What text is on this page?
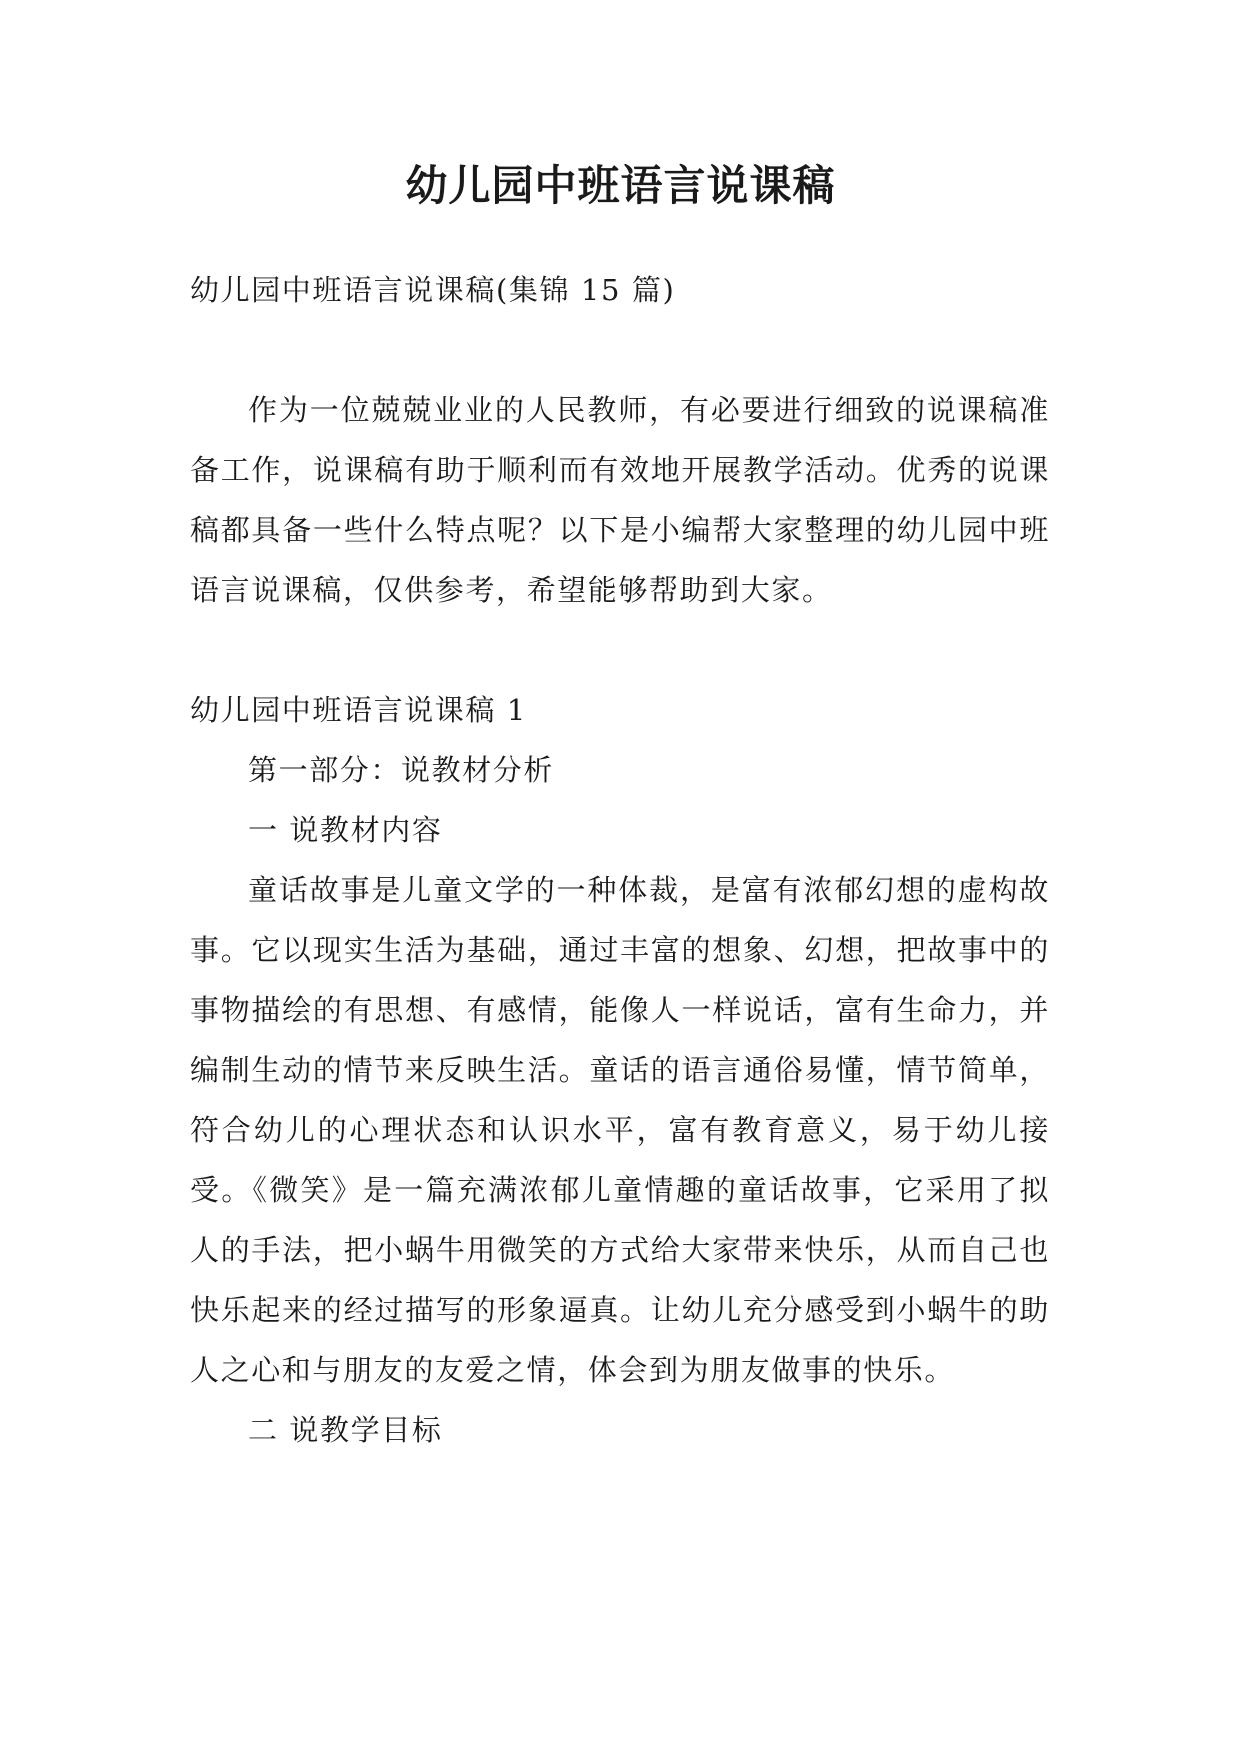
幼儿园中班语言说课稿

幼儿园中班语言说课稿(集锦 15 篇)

作为一位兢兢业业的人民教师，有必要进行细致的说课稿准备工作，说课稿有助于顺利而有效地开展教学活动。优秀的说课稿都具备一些什么特点呢？以下是小编帮大家整理的幼儿园中班语言说课稿，仅供参考，希望能够帮助到大家。

幼儿园中班语言说课稿 1

第一部分：说教材分析

一 说教材内容

童话故事是儿童文学的一种体裁，是富有浓郁幻想的虚构故事。它以现实生活为基础，通过丰富的想象、幻想，把故事中的事物描绘的有思想、有感情，能像人一样说话，富有生命力，并编制生动的情节来反映生活。童话的语言通俗易懂，情节简单，符合幼儿的心理状态和认识水平，富有教育意义，易于幼儿接受。《微笑》是一篇充满浓郁儿童情趣的童话故事，它采用了拟人的手法，把小蜗牛用微笑的方式给大家带来快乐，从而自己也快乐起来的经过描写的形象逼真。让幼儿充分感受到小蜗牛的助人之心和与朋友的友爱之情，体会到为朋友做事的快乐。

二 说教学目标
